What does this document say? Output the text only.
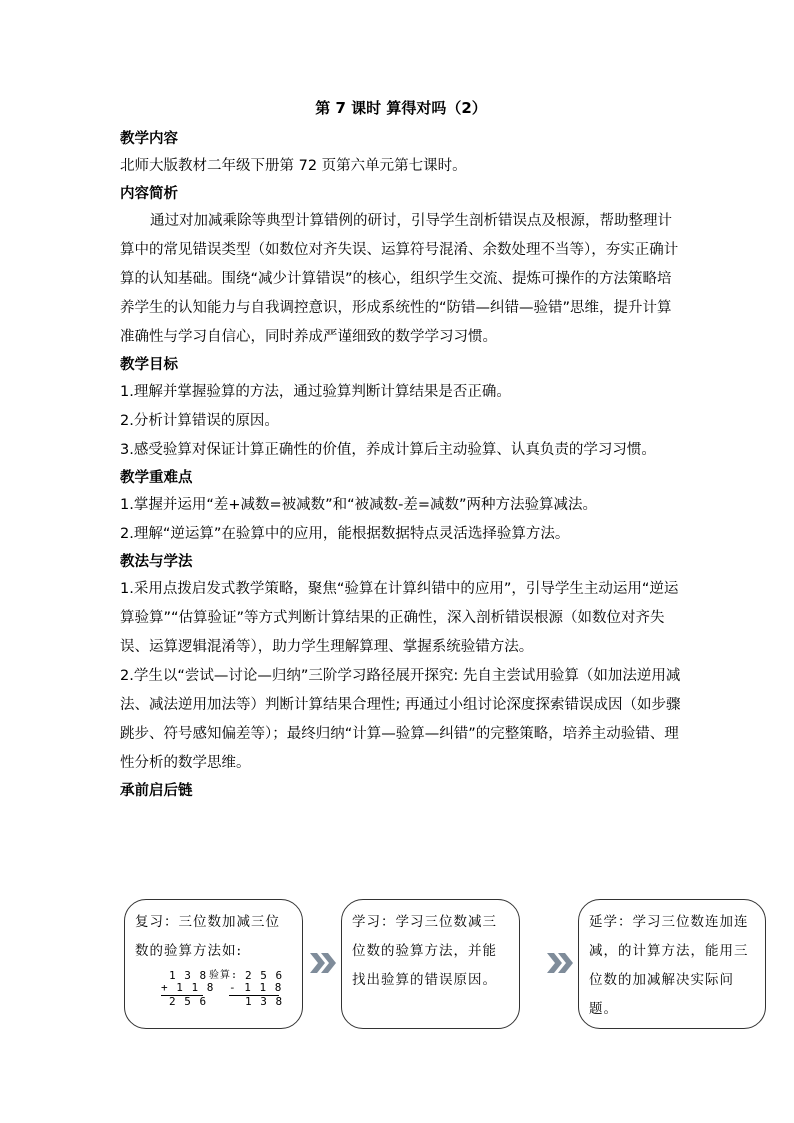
第 7 课时 算得对吗（2）
教学内容
北师大版教材二年级下册第 72 页第六单元第七课时。
内容简析
通过对加减乘除等典型计算错例的研讨，引导学生剖析错误点及根源，帮助整理计算中的常见错误类型（如数位对齐失误、运算符号混淆、余数处理不当等），夯实正确计算的认知基础。围绕“减少计算错误”的核心，组织学生交流、提炼可操作的方法策略培养学生的认知能力与自我调控意识，形成系统性的“防错—纠错—验错”思维，提升计算准确性与学习自信心，同时养成严谨细致的数学学习习惯。
教学目标
1.理解并掌握验算的方法，通过验算判断计算结果是否正确。
2.分析计算错误的原因。
3.感受验算对保证计算正确性的价值，养成计算后主动验算、认真负责的学习习惯。
教学重难点
1.掌握并运用“差+减数=被减数”和“被减数-差=减数”两种方法验算减法。
2.理解“逆运算”在验算中的应用，能根据数据特点灵活选择验算方法。
教法与学法
1.采用点拨启发式教学策略，聚焦“验算在计算纠错中的应用”，引导学生主动运用“逆运算验算”“估算验证”等方式判断计算结果的正确性，深入剖析错误根源（如数位对齐失误、运算逻辑混淆等），助力学生理解算理、掌握系统验错方法。
2.学生以“尝试—讨论—归纳”三阶学习路径展开探究: 先自主尝试用验算（如加法逆用减法、减法逆用加法等）判断计算结果合理性; 再通过小组讨论深度探索错误成因（如步骤跳步、符号感知偏差等）；最终归纳“计算—验算—纠错”的完整策略，培养主动验错、理性分析的数学思维。
承前启后链
复习：三位数加减三位
数的验算方法如:
1 3 8 验算: 2 5 6
+ 1 1 8 - 1 1 8
2 5 6	1 3 8
学习：学习三位数减三位数的验算方法，并能找出验算的错误原因。
延学：学习三位数连加连减，的计算方法，能用三位数的加减解决实际问题。
